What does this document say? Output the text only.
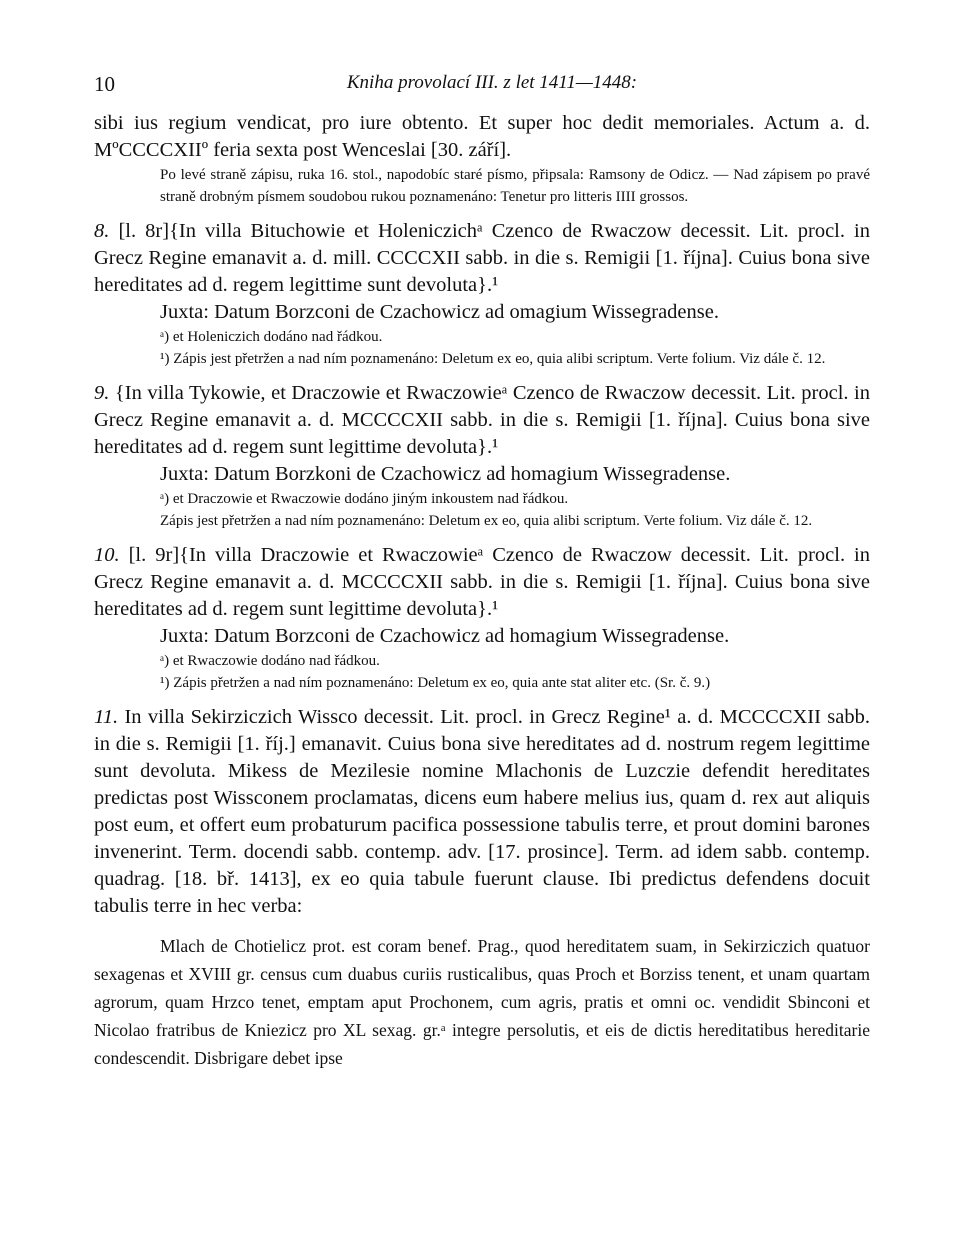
10	Kniha provolací III. z let 1411—1448:

sibi ius regium vendicat, pro iure obtento. Et super hoc dedit memoriales. Actum a. d. MºCCCCXIIº feria sexta post Wenceslai [30. září].

Po levé straně zápisu, ruka 16. stol., napodobíc staré písmo, připsala: Ramsony de Odicz. — Nad zápisem po pravé straně drobným písmem soudobou rukou poznamenáno: Tenetur pro litteris IIII grossos.

8. [l. 8r]{In villa Bituchowie et Holeniczichᵃ Czenco de Rwaczow decessit. Lit. procl. in Grecz Regine emanavit a. d. mill. CCCCXII sabb. in die s. Remigii [1. října]. Cuius bona sive hereditates ad d. regem legittime sunt devoluta}.¹

Juxta: Datum Borzconi de Czachowicz ad omagium Wissegradense.

ᵃ) et Holeniczich dodáno nad řádkou.

¹) Zápis jest přetržen a nad ním poznamenáno: Deletum ex eo, quia alibi scriptum. Verte folium. Viz dále č. 12.

9. {In villa Tykowie, et Draczowie et Rwaczowieᵃ Czenco de Rwaczow decessit. Lit. procl. in Grecz Regine emanavit a. d. MCCCCXII sabb. in die s. Remigii [1. října]. Cuius bona sive hereditates ad d. regem sunt legittime devoluta}.¹

Juxta: Datum Borzkoni de Czachowicz ad homagium Wissegradense.

ᵃ) et Draczowie et Rwaczowie dodáno jiným inkoustem nad řádkou.

Zápis jest přetržen a nad ním poznamenáno: Deletum ex eo, quia alibi scriptum. Verte folium. Viz dále č. 12.

10. [l. 9r]{In villa Draczowie et Rwaczowieᵃ Czenco de Rwaczow decessit. Lit. procl. in Grecz Regine emanavit a. d. MCCCCXII sabb. in die s. Remigii [1. října]. Cuius bona sive hereditates ad d. regem sunt legittime devoluta}.¹

Juxta: Datum Borzconi de Czachowicz ad homagium Wissegradense.

ᵃ) et Rwaczowie dodáno nad řádkou.

¹) Zápis přetržen a nad ním poznamenáno: Deletum ex eo, quia ante stat aliter etc. (Sr. č. 9.)

11. In villa Sekirziczich Wissco decessit. Lit. procl. in Grecz Regine¹ a. d. MCCCCXII sabb. in die s. Remigii [1. říj.] emanavit. Cuius bona sive hereditates ad d. nostrum regem legittime sunt devoluta. Mikess de Mezilesie nomine Mlachonis de Luzczie defendit hereditates predictas post Wissconem proclamatas, dicens eum habere melius ius, quam d. rex aut aliquis post eum, et offert eum probaturum pacifica possessione tabulis terre, et prout domini barones invenerint. Term. docendi sabb. contemp. adv. [17. prosince]. Term. ad idem sabb. contemp. quadrag. [18. bř. 1413], ex eo quia tabule fuerunt clause. Ibi predictus defendens docuit tabulis terre in hec verba:

Mlach de Chotielicz prot. est coram benef. Prag., quod hereditatem suam, in Sekirziczich quatuor sexagenas et XVIII gr. census cum duabus curiis rusticalibus, quas Proch et Borziss tenent, et unam quartam agrorum, quam Hrzco tenet, emptam aput Prochonem, cum agris, pratis et omni oc. vendidit Sbinconi et Nicolao fratribus de Kniezicz pro XL sexag. gr.ᵃ integre persolutis, et eis de dictis hereditatibus hereditarie condescendit. Disbrigare debet ipse
